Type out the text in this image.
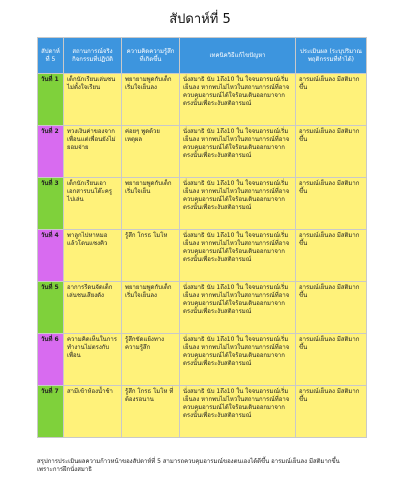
สัปดาห์ที่ 5
สัปดาห์ที่ 5	สถานการณ์จริงกิจกรรมที่ปฏิบัติ	ความคิดความรู้สึกที่เกิดขึ้น	เทคนิควิธีแก้ไขปัญหา	ประเมินผล (ระบุปริมาณพฤติกรรมที่ทำได้)
วันที่ 1	เด็กนักเรียนเล่นซนไม่ตั้งใจเรียน	พยายามพูดกับเด็กเริ่มใจเย็นลง	นั่งสมาธิ นับ 1ถึง10 ใน ใจจนอารมณ์เริ่มเย็นลง หากพบไม่ไหวในสถานการณ์ที่อาจควบคุมอารมณ์ได้ใจร้อนเดินออกมาจากตรงนั้นเพื่อระงับสติอารมณ์	อารมณ์เย็นลง มีสติมากขึ้น
วันที่ 2	ทวงเงินค่าของจากเพื่อนแต่เพื่อนยังไม่ยอมจ่าย	ค่อยๆ พูดด้วยเหตุผล	นั่งสมาธิ นับ 1ถึง10 ใน ใจจนอารมณ์เริ่มเย็นลง หากพบไม่ไหวในสถานการณ์ที่อาจควบคุมอารมณ์ได้ใจร้อนเดินออกมาจากตรงนั้นเพื่อระงับสติอารมณ์	อารมณ์เย็นลง มีสติมากขึ้น
วันที่ 3	เด็กนักเรียนเอาเอกสารบนโต๊ะครูไปเล่น	พยายามพูดกับเด็กเริ่มใจเย็น	นั่งสมาธิ นับ 1ถึง10 ใน ใจจนอารมณ์เริ่มเย็นลง หากพบไม่ไหวในสถานการณ์ที่อาจควบคุมอารมณ์ได้ใจร้อนเดินออกมาจากตรงนั้นเพื่อระงับสติอารมณ์	อารมณ์เย็นลง มีสติมากขึ้น
วันที่ 4	พาลูกไปหาหมอแล้วโดนแซงคิว	รู้สึก โกรธ โมโห	นั่งสมาธิ นับ 1ถึง10 ใน ใจจนอารมณ์เริ่มเย็นลง หากพบไม่ไหวในสถานการณ์ที่อาจควบคุมอารมณ์ได้ใจร้อนเดินออกมาจากตรงนั้นเพื่อระงับสติอารมณ์	อารมณ์เย็นลง มีสติมากขึ้น
วันที่ 5	อาการรีดนจัดเด็กเล่นชนเสียงดัง	พยายามพูดกับเด็กเริ่มใจเย็นลง	นั่งสมาธิ นับ 1ถึง10 ใน ใจจนอารมณ์เริ่มเย็นลง หากพบไม่ไหวในสถานการณ์ที่อาจควบคุมอารมณ์ได้ใจร้อนเดินออกมาจากตรงนั้นเพื่อระงับสติอารมณ์	อารมณ์เย็นลง มีสติมากขึ้น
วันที่ 6	ความคิดเห็นในการทำงานไม่ตรงกับเพื่อน	รู้สึกขัดแย้งทางความรู้สึก	นั่งสมาธิ นับ 1ถึง10 ใน ใจจนอารมณ์เริ่มเย็นลง หากพบไม่ไหวในสถานการณ์ที่อาจควบคุมอารมณ์ได้ใจร้อนเดินออกมาจากตรงนั้นเพื่อระงับสติอารมณ์	อารมณ์เย็นลง มีสติมากขึ้น
วันที่ 7	สามีเข้าห้องน้ำช้า	รู้สึก โกรธ โมโห ที่ต้องรอนาน	นั่งสมาธิ นับ 1ถึง10 ใน ใจจนอารมณ์เริ่มเย็นลง หากพบไม่ไหวในสถานการณ์ที่อาจควบคุมอารมณ์ได้ใจร้อนเดินออกมาจากตรงนั้นเพื่อระงับสติอารมณ์	อารมณ์เย็นลง มีสติมากขึ้น
สรุปการประเมินผลความก้าวหน้าของสัปดาห์ที่ 5 สามารถควบคุมอารมณ์ของตนเองได้ดีขึ้น อารมณ์เย็นลง มีสติมากขึ้น เพราะการฝึกนั่งสมาธิ
